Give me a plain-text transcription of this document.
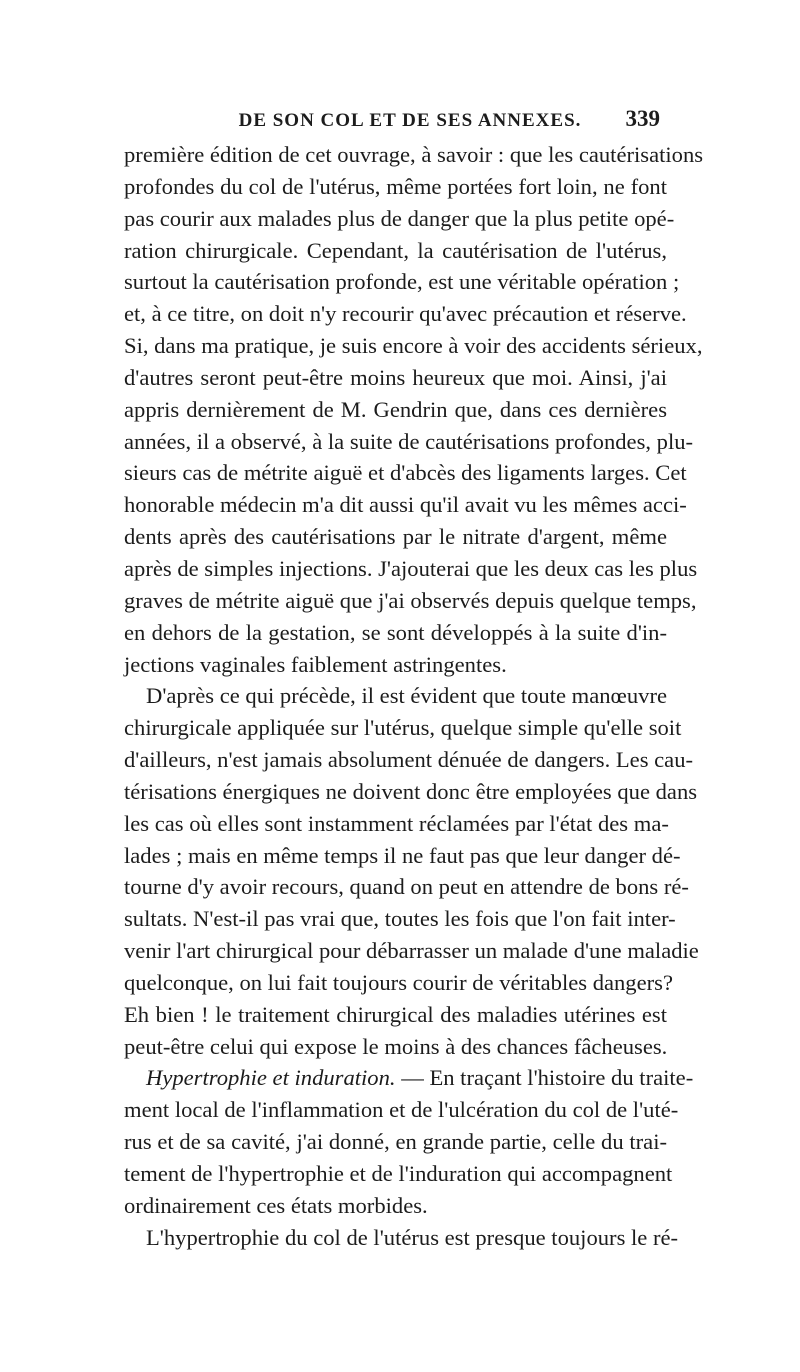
DE SON COL ET DE SES ANNEXES.	339
première édition de cet ouvrage, à savoir : que les cautérisations
profondes du col de l'utérus, même portées fort loin, ne font
pas courir aux malades plus de danger que la plus petite opé-
ration chirurgicale. Cependant, la cautérisation de l'utérus,
surtout la cautérisation profonde, est une véritable opération ;
et, à ce titre, on doit n'y recourir qu'avec précaution et réserve.
Si, dans ma pratique, je suis encore à voir des accidents sérieux,
d'autres seront peut-être moins heureux que moi. Ainsi, j'ai
appris dernièrement de M. Gendrin que, dans ces dernières
années, il a observé, à la suite de cautérisations profondes, plu-
sieurs cas de métrite aiguë et d'abcès des ligaments larges. Cet
honorable médecin m'a dit aussi qu'il avait vu les mêmes acci-
dents après des cautérisations par le nitrate d'argent, même
après de simples injections. J'ajouterai que les deux cas les plus
graves de métrite aiguë que j'ai observés depuis quelque temps,
en dehors de la gestation, se sont développés à la suite d'in-
jections vaginales faiblement astringentes.
D'après ce qui précède, il est évident que toute manœuvre
chirurgicale appliquée sur l'utérus, quelque simple qu'elle soit
d'ailleurs, n'est jamais absolument dénuée de dangers. Les cau-
térisations énergiques ne doivent donc être employées que dans
les cas où elles sont instamment réclamées par l'état des ma-
lades ; mais en même temps il ne faut pas que leur danger dé-
tourne d'y avoir recours, quand on peut en attendre de bons ré-
sultats. N'est-il pas vrai que, toutes les fois que l'on fait inter-
venir l'art chirurgical pour débarrasser un malade d'une maladie
quelconque, on lui fait toujours courir de véritables dangers?
Eh bien ! le traitement chirurgical des maladies utérines est
peut-être celui qui expose le moins à des chances fâcheuses.
Hypertrophie et induration. — En traçant l'histoire du traite-
ment local de l'inflammation et de l'ulcération du col de l'uté-
rus et de sa cavité, j'ai donné, en grande partie, celle du trai-
tement de l'hypertrophie et de l'induration qui accompagnent
ordinairement ces états morbides.
L'hypertrophie du col de l'utérus est presque toujours le ré-
